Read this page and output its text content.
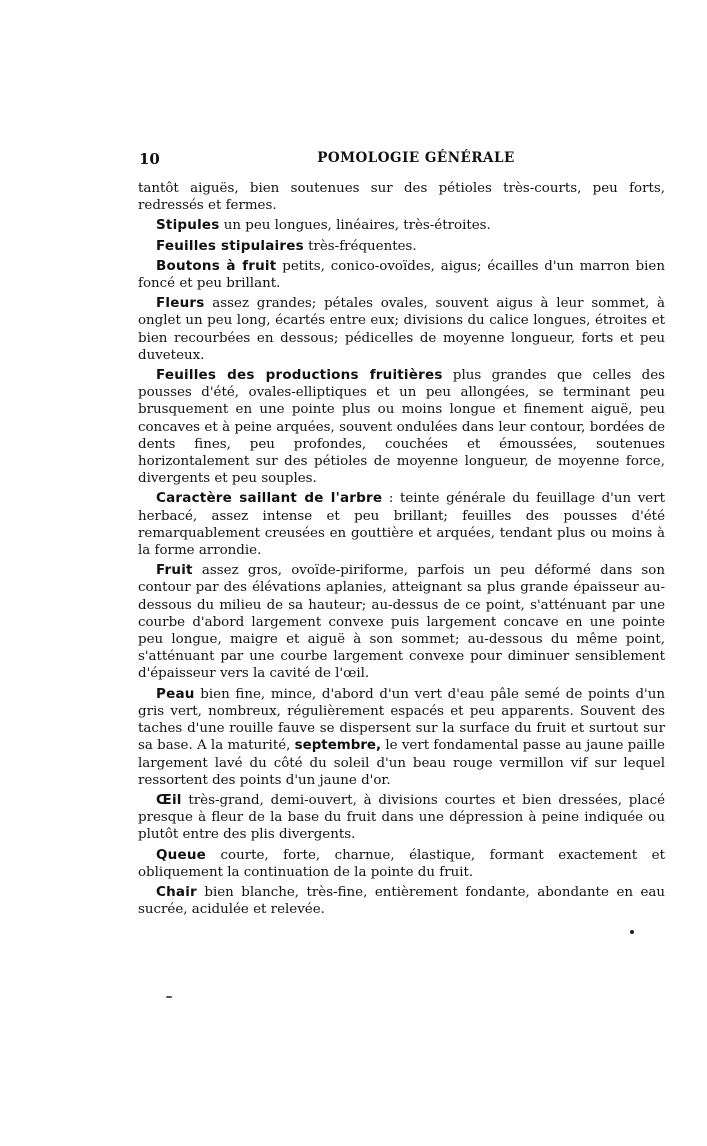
10	POMOLOGIE GÉNÉRALE

tantôt aiguës, bien soutenues sur des pétioles très-courts, peu forts, redressés et fermes.

Stipules un peu longues, linéaires, très-étroites.

Feuilles stipulaires très-fréquentes.

Boutons à fruit petits, conico-ovoïdes, aigus; écailles d'un marron bien foncé et peu brillant.

Fleurs assez grandes; pétales ovales, souvent aigus à leur sommet, à onglet un peu long, écartés entre eux; divisions du calice longues, étroites et bien recourbées en dessous; pédicelles de moyenne longueur, forts et peu duveteux.

Feuilles des productions fruitières plus grandes que celles des pousses d'été, ovales-elliptiques et un peu allongées, se terminant peu brusquement en une pointe plus ou moins longue et finement aiguë, peu concaves et à peine arquées, souvent ondulées dans leur contour, bordées de dents fines, peu profondes, couchées et émoussées, soutenues horizontalement sur des pétioles de moyenne longueur, de moyenne force, divergents et peu souples.

Caractère saillant de l'arbre : teinte générale du feuillage d'un vert herbacé, assez intense et peu brillant; feuilles des pousses d'été remarquablement creusées en gouttière et arquées, tendant plus ou moins à la forme arrondie.

Fruit assez gros, ovoïde-piriforme, parfois un peu déformé dans son contour par des élévations aplanies, atteignant sa plus grande épaisseur au-dessous du milieu de sa hauteur; au-dessus de ce point, s'atténuant par une courbe d'abord largement convexe puis largement concave en une pointe peu longue, maigre et aiguë à son sommet; au-dessous du même point, s'atténuant par une courbe largement convexe pour diminuer sensiblement d'épaisseur vers la cavité de l'œil.

Peau bien fine, mince, d'abord d'un vert d'eau pâle semé de points d'un gris vert, nombreux, régulièrement espacés et peu apparents. Souvent des taches d'une rouille fauve se dispersent sur la surface du fruit et surtout sur sa base. A la maturité, septembre, le vert fondamental passe au jaune paille largement lavé du côté du soleil d'un beau rouge vermillon vif sur lequel ressortent des points d'un jaune d'or.

Œil très-grand, demi-ouvert, à divisions courtes et bien dressées, placé presque à fleur de la base du fruit dans une dépression à peine indiquée ou plutôt entre des plis divergents.

Queue courte, forte, charnue, élastique, formant exactement et obliquement la continuation de la pointe du fruit.

Chair bien blanche, très-fine, entièrement fondante, abondante en eau sucrée, acidulée et relevée.
